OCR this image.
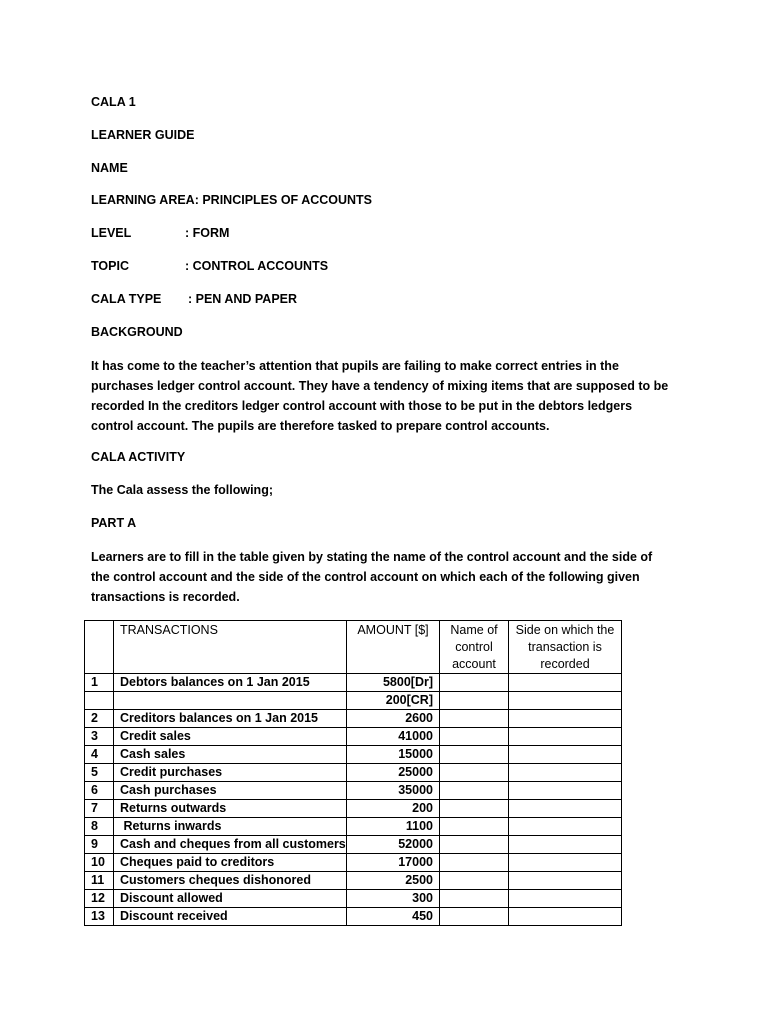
CALA 1
LEARNER GUIDE
NAME
LEARNING AREA: PRINCIPLES OF ACCOUNTS
LEVEL	: FORM
TOPIC	: CONTROL ACCOUNTS
CALA TYPE : PEN AND PAPER
BACKGROUND
It has come to the teacher’s attention that pupils are failing to make correct entries in the purchases ledger control account. They have a tendency of mixing items that are supposed to be recorded In the creditors ledger control account with those to be put in the debtors ledgers control account. The pupils are therefore tasked to prepare control accounts.
CALA ACTIVITY
The Cala assess the following;
PART A
Learners are to fill in the table given by stating the name of the control account and the side of the control account and the side of the control account on which each of the following given transactions is recorded.
	TRANSACTIONS	AMOUNT [$]	Name of control account	Side on which the transaction is recorded
1	Debtors balances on 1 Jan 2015	5800[Dr]		
		200[CR]		
2	Creditors balances on 1 Jan 2015	2600		
3	Credit sales	41000		
4	Cash sales	15000		
5	Credit purchases	25000		
6	Cash purchases	35000		
7	Returns outwards	200		
8	Returns inwards	1100		
9	Cash and cheques from all customers	52000		
10	Cheques paid to creditors	17000		
11	Customers cheques dishonored	2500		
12	Discount allowed	300		
13	Discount received	450		
